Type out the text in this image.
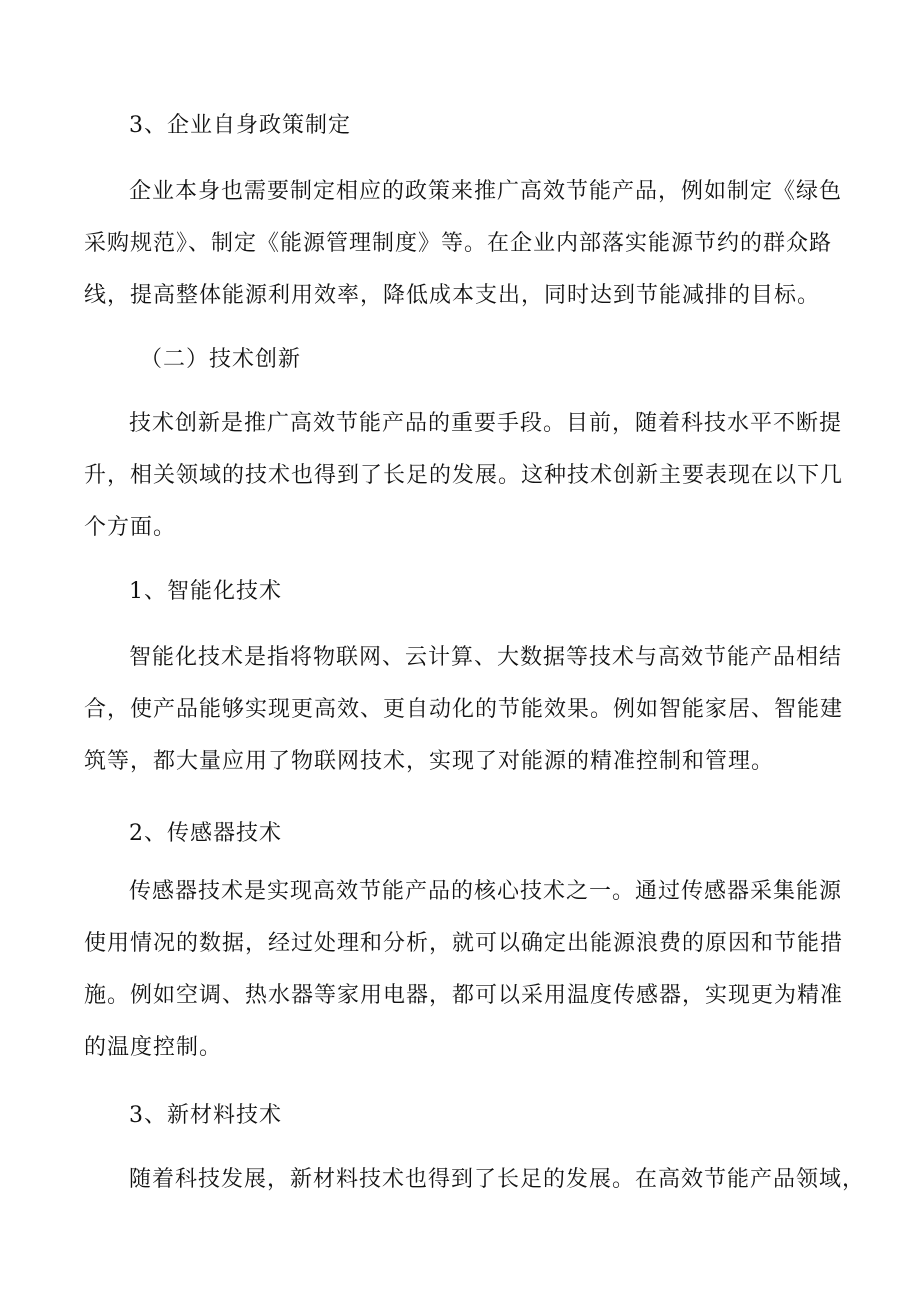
3、企业自身政策制定
企业本身也需要制定相应的政策来推广高效节能产品，例如制定《绿色
采购规范》、制定《能源管理制度》等。在企业内部落实能源节约的群众路
线，提高整体能源利用效率，降低成本支出，同时达到节能减排的目标。
（二）技术创新
技术创新是推广高效节能产品的重要手段。目前，随着科技水平不断提
升，相关领域的技术也得到了长足的发展。这种技术创新主要表现在以下几
个方面。
1、智能化技术
智能化技术是指将物联网、云计算、大数据等技术与高效节能产品相结
合，使产品能够实现更高效、更自动化的节能效果。例如智能家居、智能建
筑等，都大量应用了物联网技术，实现了对能源的精准控制和管理。
2、传感器技术
传感器技术是实现高效节能产品的核心技术之一。通过传感器采集能源
使用情况的数据，经过处理和分析，就可以确定出能源浪费的原因和节能措
施。例如空调、热水器等家用电器，都可以采用温度传感器，实现更为精准
的温度控制。
3、新材料技术
随着科技发展，新材料技术也得到了长足的发展。在高效节能产品领域，
